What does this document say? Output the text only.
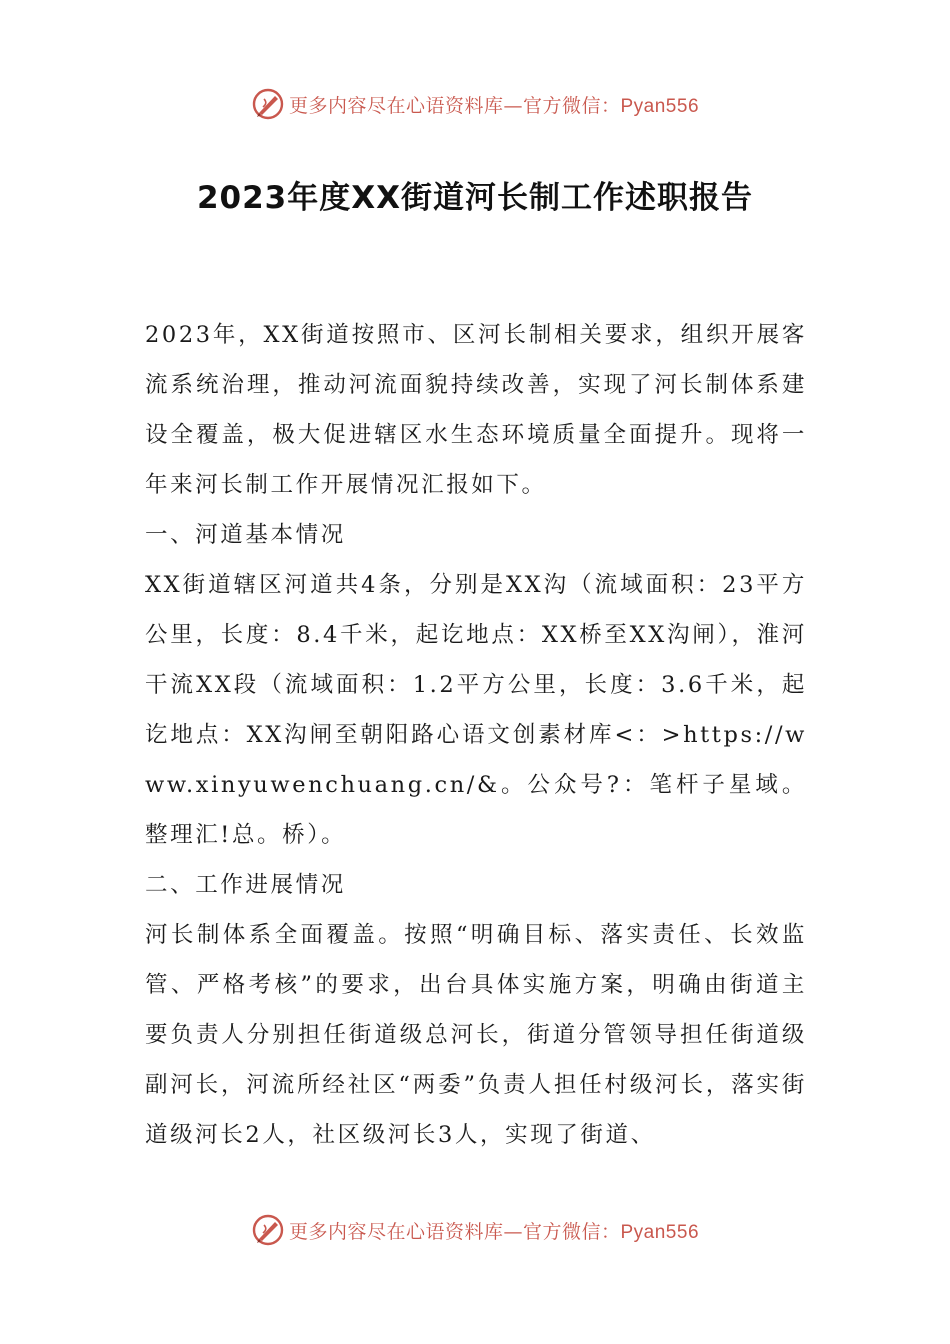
更多内容尽在心语资料库—官方微信：Pyan556
2023年度XX街道河长制工作述职报告

2023年，XX街道按照市、区河长制相关要求，组织开展客流系统治理，推动河流面貌持续改善，实现了河长制体系建设全覆盖，极大促进辖区水生态环境质量全面提升。现将一年来河长制工作开展情况汇报如下。

一、河道基本情况

XX街道辖区河道共4条，分别是XX沟（流域面积：23平方公里，长度：8.4千米，起讫地点：XX桥至XX沟闸），淮河干流XX段（流域面积：1.2平方公里，长度：3.6千米，起讫地点：XX沟闸至朝阳路心语文创素材库<：>https://www.xinyuwenchuang.cn/&。公众号?：笔杆子星域。整理汇!总。桥）。

二、工作进展情况

河长制体系全面覆盖。按照“明确目标、落实责任、长效监管、严格考核”的要求，出台具体实施方案，明确由街道主要负责人分别担任街道级总河长，街道分管领导担任街道级副河长，河流所经社区“两委”负责人担任村级河长，落实街道级河长2人，社区级河长3人，实现了街道、

更多内容尽在心语资料库—官方微信：Pyan556
